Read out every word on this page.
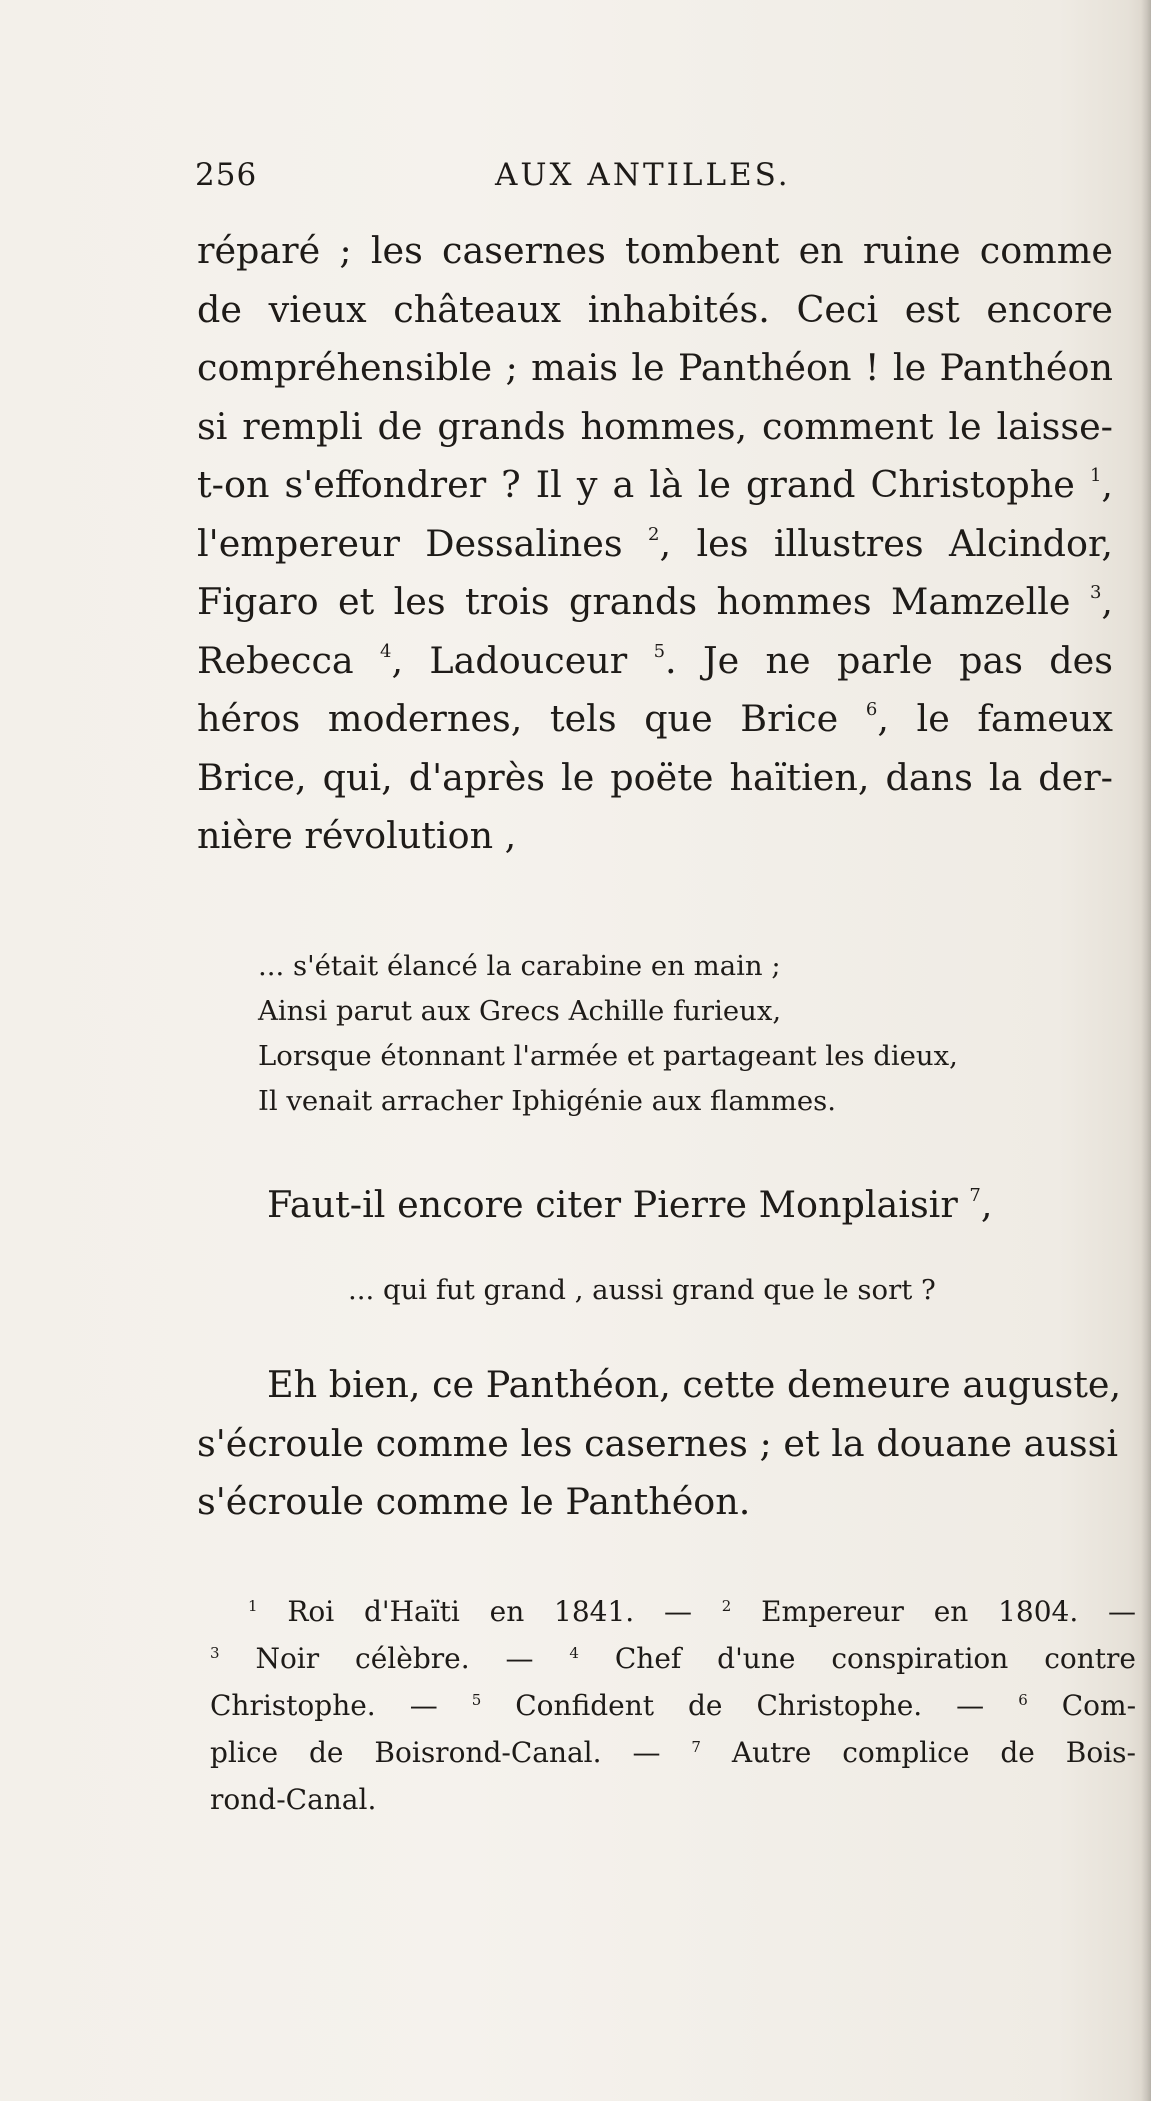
256	AUX ANTILLES.
réparé ; les casernes tombent en ruine comme
de vieux châteaux inhabités. Ceci est encore
compréhensible ; mais le Panthéon ! le Panthéon
si rempli de grands hommes, comment le laisse-
t-on s'effondrer ? Il y a là le grand Christophe $^1$,
l'empereur Dessalines $^2$, les illustres Alcindor,
Figaro et les trois grands hommes Mamzelle $^3$,
Rebecca $^4$, Ladouceur $^5$. Je ne parle pas des
héros modernes, tels que Brice $^6$, le fameux
Brice, qui, d'après le poëte haïtien, dans la der-
nière révolution ,
... s'était élancé la carabine en main ;
Ainsi parut aux Grecs Achille furieux,
Lorsque étonnant l'armée et partageant les dieux,
Il venait arracher Iphigénie aux flammes.
Faut-il encore citer Pierre Monplaisir $^7$,
... qui fut grand , aussi grand que le sort ?
Eh bien, ce Panthéon, cette demeure auguste,
s'écroule comme les casernes ; et la douane aussi
s'écroule comme le Panthéon.
$^1$ Roi d'Haïti en 1841. — $^2$ Empereur en 1804. —
$^3$ Noir célèbre. — $^4$ Chef d'une conspiration contre
Christophe. — $^5$ Confident de Christophe. — $^6$ Com-
plice de Boisrond-Canal. — $^7$ Autre complice de Bois-
rond-Canal.
